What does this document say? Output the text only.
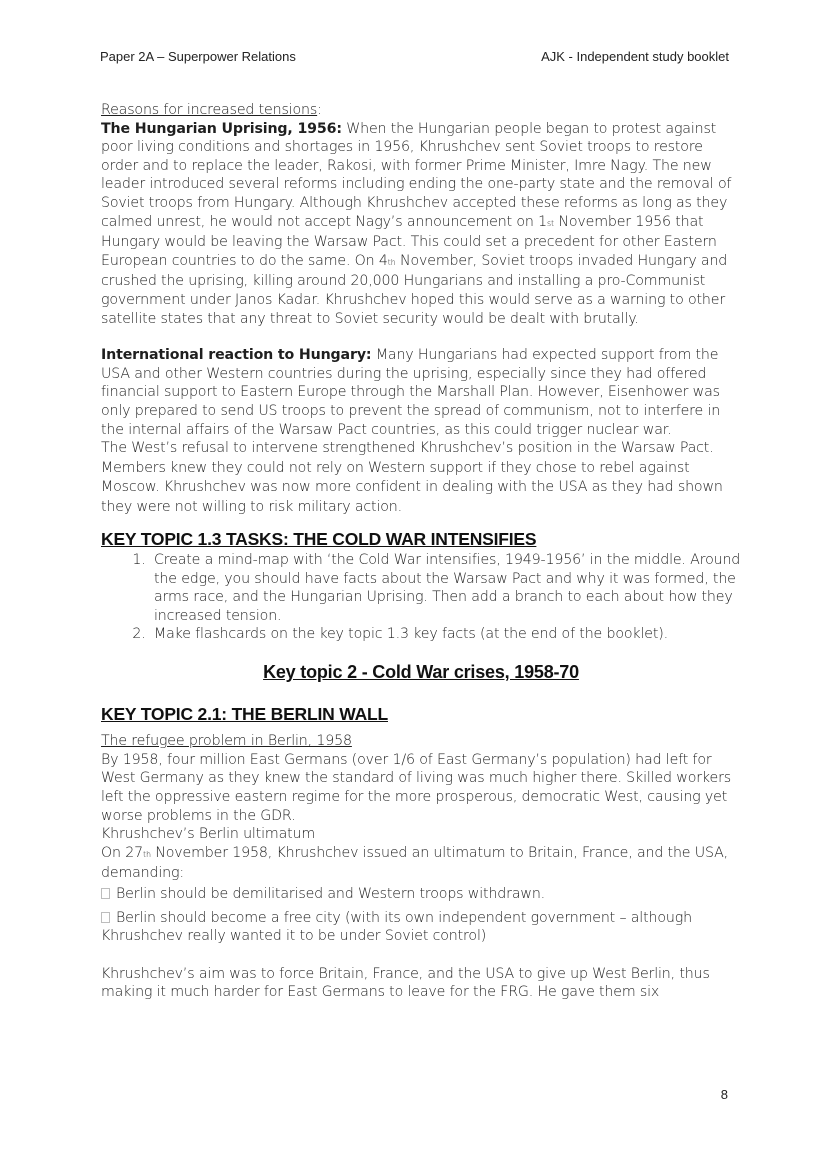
Paper 2A – Superpower Relations	AJK - Independent study booklet

Reasons for increased tensions:

The Hungarian Uprising, 1956: When the Hungarian people began to protest against poor living conditions and shortages in 1956, Khrushchev sent Soviet troops to restore order and to replace the leader, Rakosi, with former Prime Minister, Imre Nagy. The new leader introduced several reforms including ending the one-party state and the removal of Soviet troops from Hungary. Although Khrushchev accepted these reforms as long as they calmed unrest, he would not accept Nagy’s announcement on 1st November 1956 that Hungary would be leaving the Warsaw Pact. This could set a precedent for other Eastern European countries to do the same. On 4th November, Soviet troops invaded Hungary and crushed the uprising, killing around 20,000 Hungarians and installing a pro-Communist government under Janos Kadar. Khrushchev hoped this would serve as a warning to other satellite states that any threat to Soviet security would be dealt with brutally.

International reaction to Hungary: Many Hungarians had expected support from the USA and other Western countries during the uprising, especially since they had offered financial support to Eastern Europe through the Marshall Plan. However, Eisenhower was only prepared to send US troops to prevent the spread of communism, not to interfere in the internal affairs of the Warsaw Pact countries, as this could trigger nuclear war.

The West’s refusal to intervene strengthened Khrushchev’s position in the Warsaw Pact. Members knew they could not rely on Western support if they chose to rebel against Moscow. Khrushchev was now more confident in dealing with the USA as they had shown they were not willing to risk military action.

KEY TOPIC 1.3 TASKS: THE COLD WAR INTENSIFIES
1. Create a mind-map with ‘the Cold War intensifies, 1949-1956’ in the middle. Around the edge, you should have facts about the Warsaw Pact and why it was formed, the arms race, and the Hungarian Uprising. Then add a branch to each about how they increased tension.
2. Make flashcards on the key topic 1.3 key facts (at the end of the booklet).
Key topic 2 - Cold War crises, 1958-70
KEY TOPIC 2.1: THE BERLIN WALL

The refugee problem in Berlin, 1958

By 1958, four million East Germans (over 1/6 of East Germany’s population) had left for West Germany as they knew the standard of living was much higher there. Skilled workers left the oppressive eastern regime for the more prosperous, democratic West, causing yet worse problems in the GDR.

Khrushchev’s Berlin ultimatum

On 27th November 1958, Khrushchev issued an ultimatum to Britain, France, and the USA, demanding:

Berlin should be demilitarised and Western troops withdrawn.

Berlin should become a free city (with its own independent government – although Khrushchev really wanted it to be under Soviet control)

Khrushchev’s aim was to force Britain, France, and the USA to give up West Berlin, thus making it much harder for East Germans to leave for the FRG. He gave them six

8
